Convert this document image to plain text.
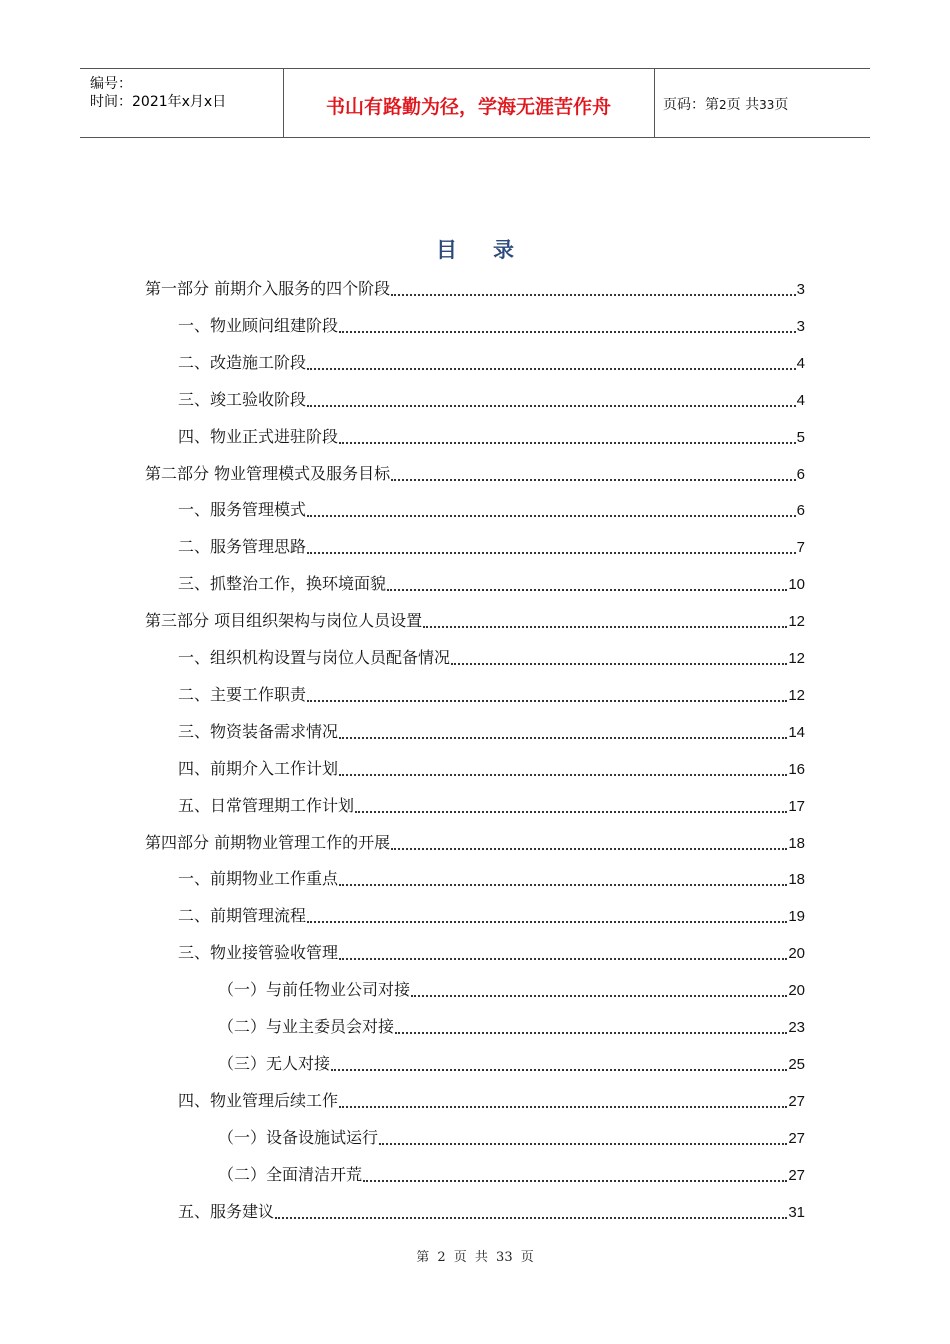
编号：
时间：2021年x月x日	书山有路勤为径，学海无涯苦作舟	页码：第2页 共33页
目录
第一部分 前期介入服务的四个阶段	3
一、物业顾问组建阶段	3
二、改造施工阶段	4
三、竣工验收阶段	4
四、物业正式进驻阶段	5
第二部分 物业管理模式及服务目标	6
一、服务管理模式	6
二、服务管理思路	7
三、抓整治工作，换环境面貌	10
第三部分 项目组织架构与岗位人员设置	12
一、组织机构设置与岗位人员配备情况	12
二、主要工作职责	12
三、物资装备需求情况	14
四、前期介入工作计划	16
五、日常管理期工作计划	17
第四部分 前期物业管理工作的开展	18
一、前期物业工作重点	18
二、前期管理流程	19
三、物业接管验收管理	20
（一）与前任物业公司对接	20
（二）与业主委员会对接	23
（三）无人对接	25
四、物业管理后续工作	27
（一）设备设施试运行	27
（二）全面清洁开荒	27
五、服务建议	31
第 2 页 共 33 页
